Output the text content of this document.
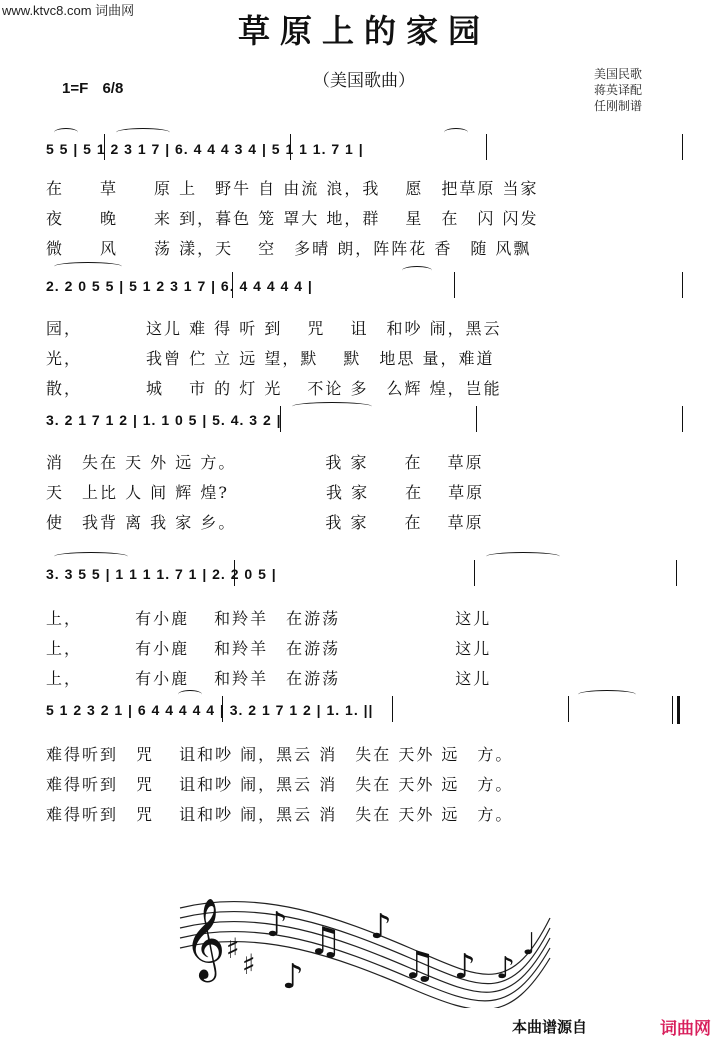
www.ktvc8.com 词曲网
草原上的家园
（美国歌曲）
1=F 6/8
美国民歌
蒋英译配
任刚制谱
5 5 | 5 1 2 3 1 7 | 6. 4 4 4 3 4 | 5 1 1 1. 7 1 |
在　　草　　原 上　野牛 自 由流 浪，我　 愿　把草原 当家
夜　　晚　　来 到，暮色 笼 罩大 地，群　 星　在　闪 闪发
微　　风　　荡 漾，天　 空　多晴 朗，阵阵花 香　随 风飘
2. 2 0 5 5 | 5 1 2 3 1 7 | 6. 4 4 4 4 4 |
园，　　　　这儿 难 得 听 到　 咒　 诅　和吵 闹，黑云
光，　　　　我曾 伫 立 远 望，默　 默　地思 量，难道
散，　　　　城　 市 的 灯 光　 不论 多　么辉 煌，岂能
3. 2 1 7 1 2 | 1. 1 0 5 | 5. 4. 3 2 |
消　失在 天 外 远 方。　　　　　 我 家　　在　 草原
天　上比 人 间 辉 煌?　　　　　 我 家　　在　 草原
使　我背 离 我 家 乡。　　　　　 我 家　　在　 草原
3. 3 5 5 | 1 1 1 1. 7 1 | 2. 2 0 5 |
上，　　　 有小鹿　 和羚羊　在游荡　　　　　　 这儿
上，　　　 有小鹿　 和羚羊　在游荡　　　　　　 这儿
上，　　　 有小鹿　 和羚羊　在游荡　　　　　　 这儿
5 1 2 3 2 1 | 6 4 4 4 4 4 | 3. 2 1 7 1 2 | 1. 1. ||
难得听到　咒　 诅和吵 闹，黑云 消　失在 天外 远　方。
难得听到　咒　 诅和吵 闹，黑云 消　失在 天外 远　方。
难得听到　咒　 诅和吵 闹，黑云 消　失在 天外 远　方。
𝄞 ♯ ♯
♪
♪
♫ ♪
♫ ♪ ♪
♩
本曲谱源自	词曲网
